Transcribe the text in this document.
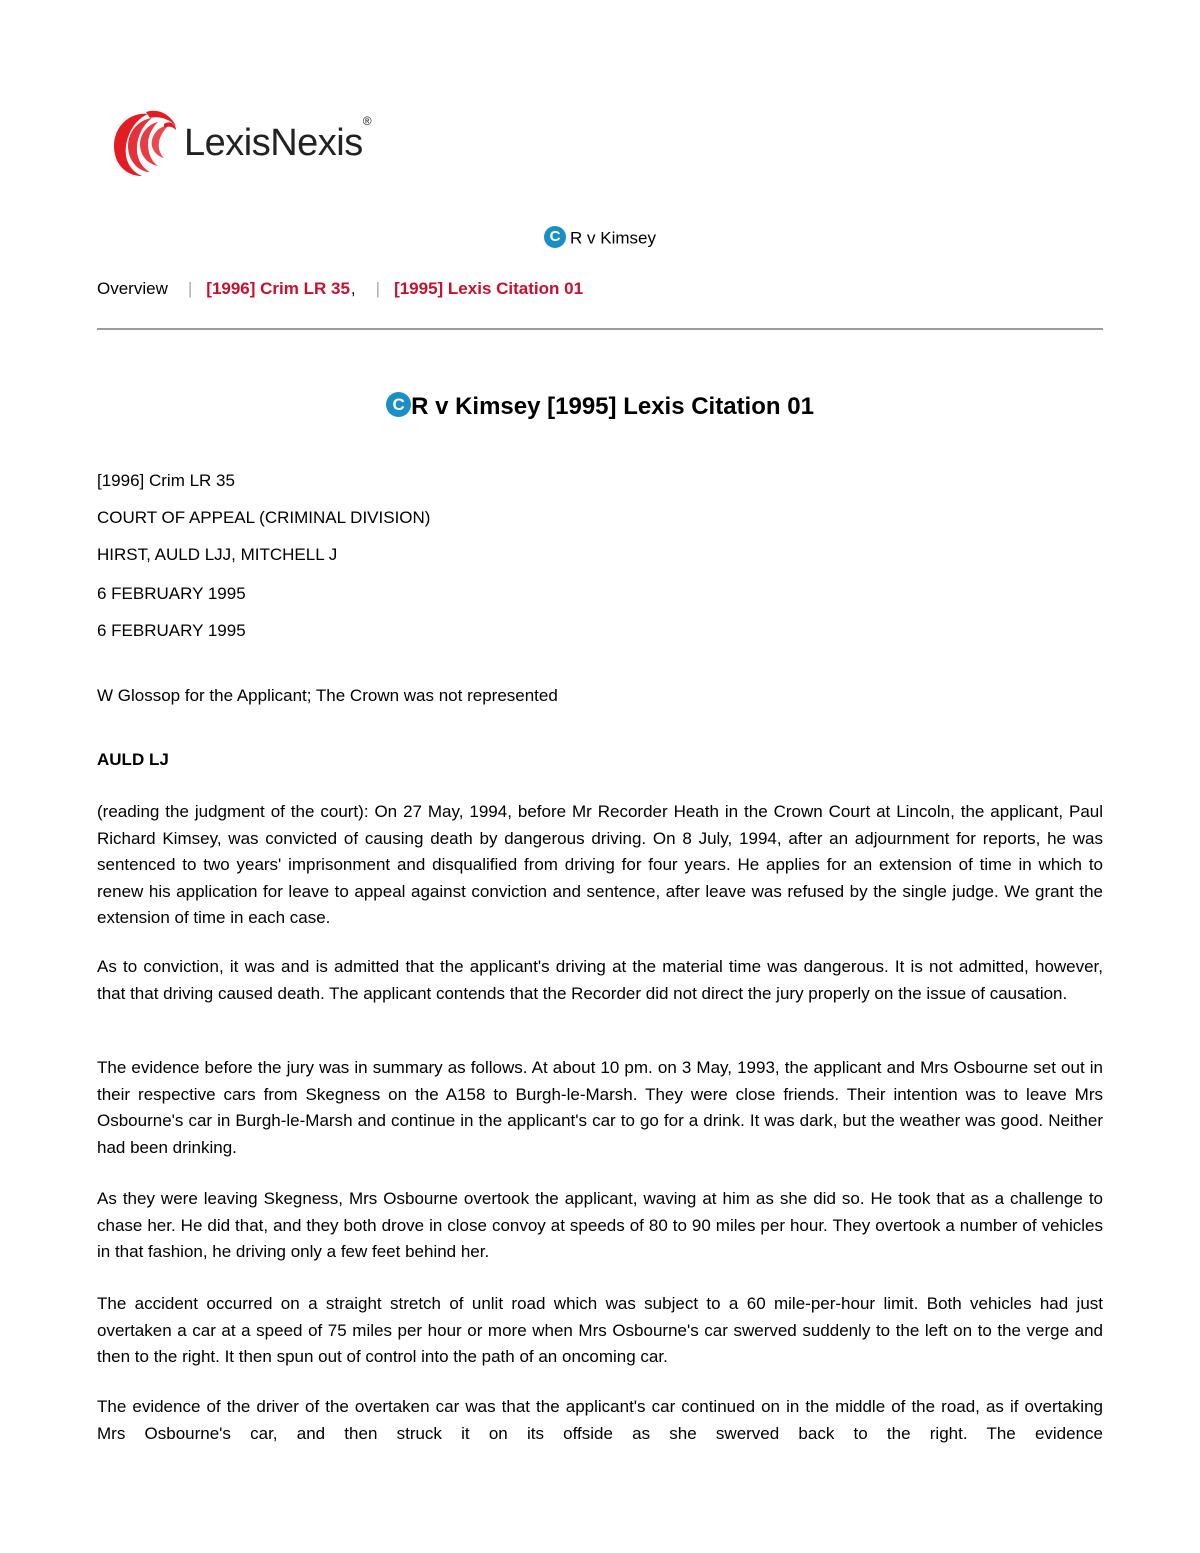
LexisNexis®
C R v Kimsey
Overview | [1996] Crim LR 35, | [1995] Lexis Citation 01
C R v Kimsey [1995] Lexis Citation 01
[1996] Crim LR 35
COURT OF APPEAL (CRIMINAL DIVISION)
HIRST, AULD LJJ, MITCHELL J
6 FEBRUARY 1995
6 FEBRUARY 1995
W Glossop for the Applicant; The Crown was not represented
AULD LJ
(reading the judgment of the court): On 27 May, 1994, before Mr Recorder Heath in the Crown Court at Lincoln, the applicant, Paul Richard Kimsey, was convicted of causing death by dangerous driving. On 8 July, 1994, after an adjournment for reports, he was sentenced to two years' imprisonment and disqualified from driving for four years. He applies for an extension of time in which to renew his application for leave to appeal against conviction and sentence, after leave was refused by the single judge. We grant the extension of time in each case.
As to conviction, it was and is admitted that the applicant's driving at the material time was dangerous. It is not admitted, however, that that driving caused death. The applicant contends that the Recorder did not direct the jury properly on the issue of causation.
The evidence before the jury was in summary as follows. At about 10 pm. on 3 May, 1993, the applicant and Mrs Osbourne set out in their respective cars from Skegness on the A158 to Burgh-le-Marsh. They were close friends. Their intention was to leave Mrs Osbourne's car in Burgh-le-Marsh and continue in the applicant's car to go for a drink. It was dark, but the weather was good. Neither had been drinking.
As they were leaving Skegness, Mrs Osbourne overtook the applicant, waving at him as she did so. He took that as a challenge to chase her. He did that, and they both drove in close convoy at speeds of 80 to 90 miles per hour. They overtook a number of vehicles in that fashion, he driving only a few feet behind her.
The accident occurred on a straight stretch of unlit road which was subject to a 60 mile-per-hour limit. Both vehicles had just overtaken a car at a speed of 75 miles per hour or more when Mrs Osbourne's car swerved suddenly to the left on to the verge and then to the right. It then spun out of control into the path of an oncoming car.
The evidence of the driver of the overtaken car was that the applicant's car continued on in the middle of the road, as if overtaking Mrs Osbourne's car, and then struck it on its offside as she swerved back to the right. The evidence
